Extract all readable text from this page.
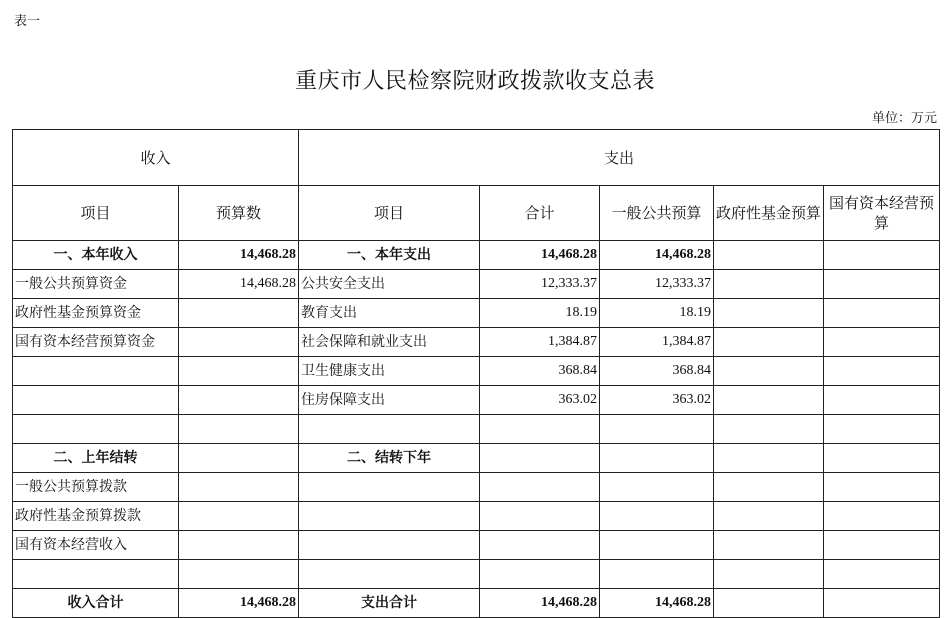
表一
重庆市人民检察院财政拨款收支总表
单位：万元
收入		支出				
项目	预算数	项目	合计	一般公共预算	政府性基金预算	国有资本经营预算
一、本年收入	14,468.28	一、本年支出	14,468.28	14,468.28		
一般公共预算资金	14,468.28	公共安全支出	12,333.37	12,333.37		
政府性基金预算资金		教育支出	18.19	18.19		
国有资本经营预算资金		社会保障和就业支出	1,384.87	1,384.87		
		卫生健康支出	368.84	368.84		
		住房保障支出	363.02	363.02		

二、上年结转		二、结转下年				
一般公共预算拨款						
政府性基金预算拨款						
国有资本经营收入						

收入合计	14,468.28	支出合计	14,468.28	14,468.28		
